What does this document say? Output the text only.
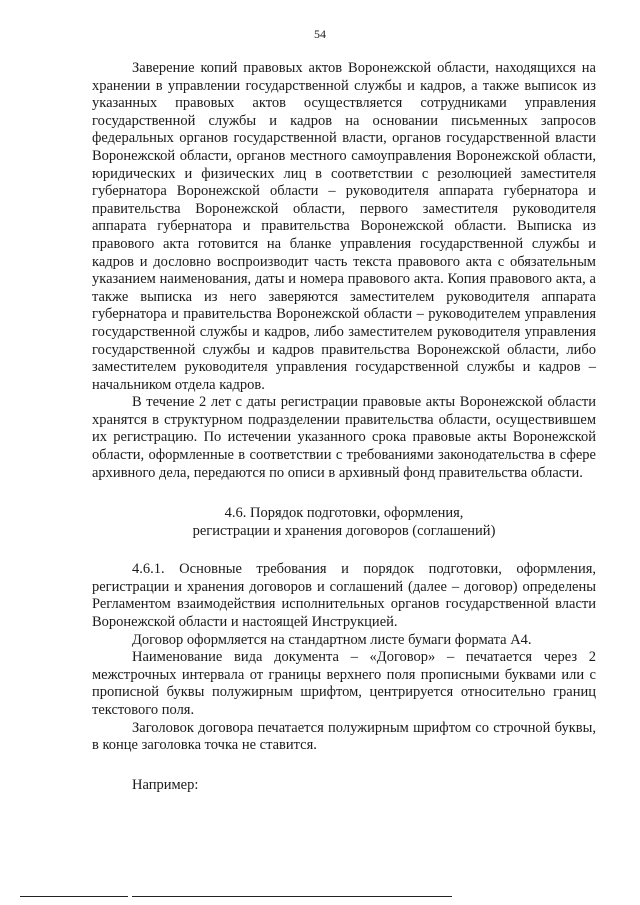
54

Заверение копий правовых актов Воронежской области, находящихся на хранении в управлении государственной службы и кадров, а также выписок из указанных правовых актов осуществляется сотрудниками управления государственной службы и кадров на основании письменных запросов федеральных органов государственной власти, органов государственной власти Воронежской области, органов местного самоуправления Воронежской области, юридических и физических лиц в соответствии с резолюцией заместителя губернатора Воронежской области – руководителя аппарата губернатора и правительства Воронежской области, первого заместителя руководителя аппарата губернатора и правительства Воронежской области. Выписка из правового акта готовится на бланке управления государственной службы и кадров и дословно воспроизводит часть текста правового акта с обязательным указанием наименования, даты и номера правового акта. Копия правового акта, а также выписка из него заверяются заместителем руководителя аппарата губернатора и правительства Воронежской области – руководителем управления государственной службы и кадров, либо заместителем руководителя управления государственной службы и кадров правительства Воронежской области, либо заместителем руководителя управления государственной службы и кадров – начальником отдела кадров.

В течение 2 лет с даты регистрации правовые акты Воронежской области хранятся в структурном подразделении правительства области, осуществившем их регистрацию. По истечении указанного срока правовые акты Воронежской области, оформленные в соответствии с требованиями законодательства в сфере архивного дела, передаются по описи в архивный фонд правительства области.

4.6. Порядок подготовки, оформления,
регистрации и хранения договоров (соглашений)

4.6.1. Основные требования и порядок подготовки, оформления, регистрации и хранения договоров и соглашений (далее – договор) определены Регламентом взаимодействия исполнительных органов государственной власти Воронежской области и настоящей Инструкцией.

Договор оформляется на стандартном листе бумаги формата А4.

Наименование вида документа – «Договор» – печатается через 2 межстрочных интервала от границы верхнего поля прописными буквами или с прописной буквы полужирным шрифтом, центрируется относительно границ текстового поля.

Заголовок договора печатается полужирным шрифтом со строчной буквы, в конце заголовка точка не ставится.

Например:
